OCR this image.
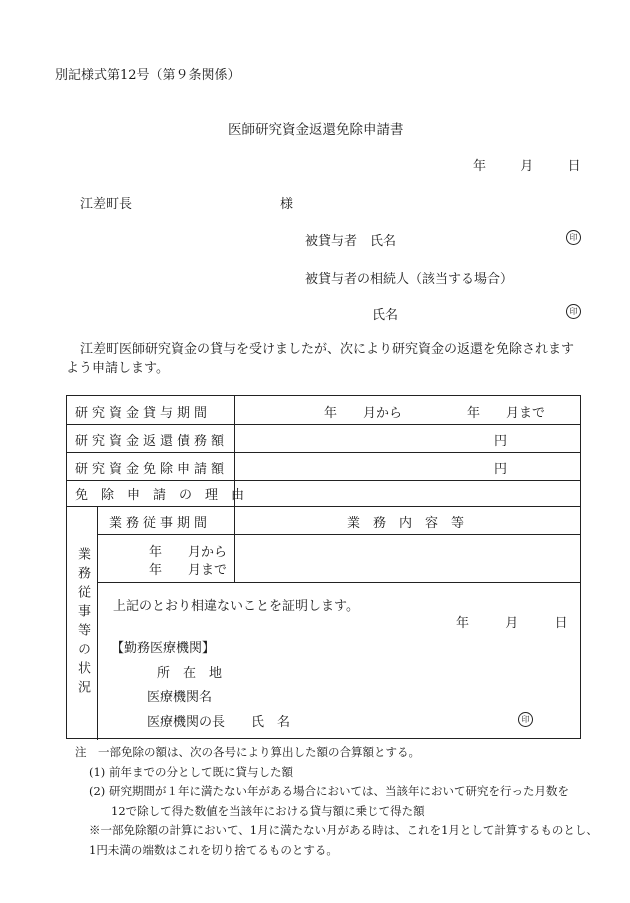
別記様式第12号（第９条関係）
医師研究資金返還免除申請書
年	月	日
江差町長	様
被貸与者　氏名	印
被貸与者の相続人（該当する場合）
氏名	印
江差町医師研究資金の貸与を受けましたが、次により研究資金の返還を免除されますよう申請します。
研究資金貸与期間	年　　月から　　　　　年　　月まで
研究資金返還債務額	円
研究資金免除申請額	円
免除申請の理由
業務従事等の状況
業務従事期間	業　務　内　容　等
年　　月から
年　　月まで
上記のとおり相違ないことを証明します。
年	月	日
【勤務医療機関】
所　在　地
医療機関名
医療機関の長　　氏　名	印
注　一部免除の額は、次の各号により算出した額の合算額とする。
(1) 前年までの分として既に貸与した額
(2) 研究期間が１年に満たない年がある場合においては、当該年において研究を行った月数を
12で除して得た数値を当該年における貸与額に乗じて得た額
※一部免除額の計算において、1月に満たない月がある時は、これを1月として計算するものとし、
1円未満の端数はこれを切り捨てるものとする。
